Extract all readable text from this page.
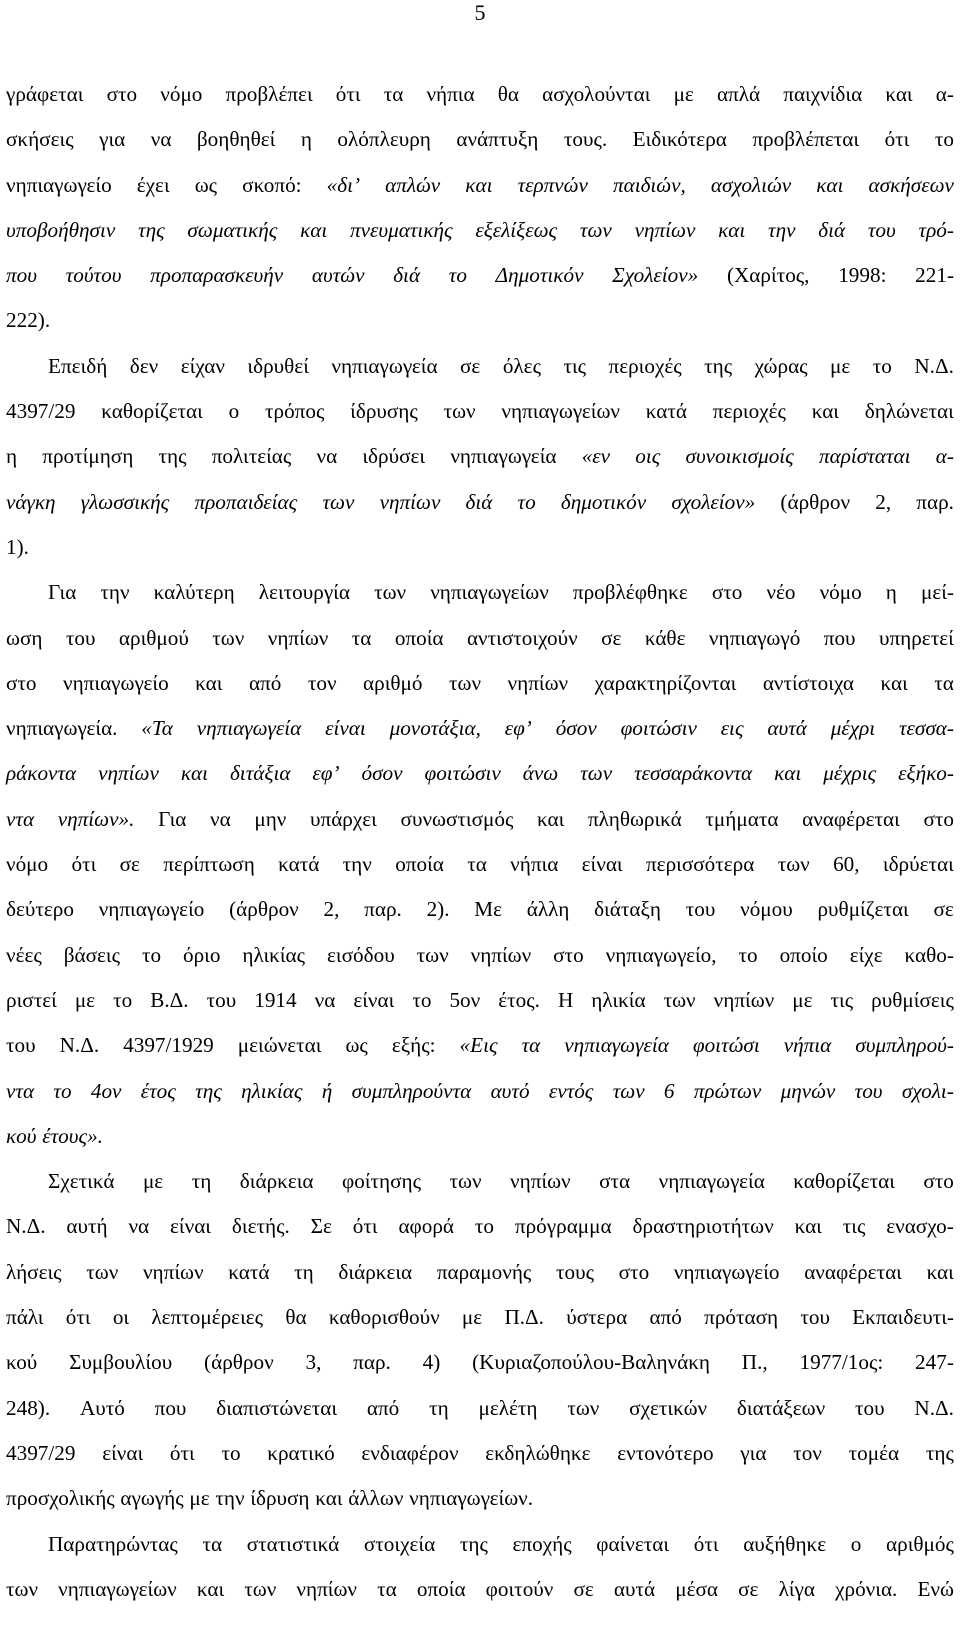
5
γράφεται στο νόμο προβλέπει ότι τα νήπια θα ασχολούνται με απλά παιχνίδια και α-
σκήσεις για να βοηθηθεί η ολόπλευρη ανάπτυξη τους. Ειδικότερα προβλέπεται ότι το
νηπιαγωγείο έχει ως σκοπό: «δι’ απλών και τερπνών παιδιών, ασχολιών και ασκήσεων
υποβοήθησιν της σωματικής και πνευματικής εξελίξεως των νηπίων και την διά του τρό-
που τούτου προπαρασκευήν αυτών διά το Δημοτικόν Σχολείον» (Χαρίτος, 1998: 221-
222).
Επειδή δεν είχαν ιδρυθεί νηπιαγωγεία σε όλες τις περιοχές της χώρας με το Ν.Δ.
4397/29 καθορίζεται ο τρόπος ίδρυσης των νηπιαγωγείων κατά περιοχές και δηλώνεται
η προτίμηση της πολιτείας να ιδρύσει νηπιαγωγεία «εν οις συνοικισμοίς παρίσταται α-
νάγκη γλωσσικής προπαιδείας των νηπίων διά το δημοτικόν σχολείον» (άρθρον 2, παρ.
1).
Για την καλύτερη λειτουργία των νηπιαγωγείων προβλέφθηκε στο νέο νόμο η μεί-
ωση του αριθμού των νηπίων τα οποία αντιστοιχούν σε κάθε νηπιαγωγό που υπηρετεί
στο νηπιαγωγείο και από τον αριθμό των νηπίων χαρακτηρίζονται αντίστοιχα και τα
νηπιαγωγεία. «Τα νηπιαγωγεία είναι μονοτάξια, εφ’ όσον φοιτώσιν εις αυτά μέχρι τεσσα-
ράκοντα νηπίων και διτάξια εφ’ όσον φοιτώσιν άνω των τεσσαράκοντα και μέχρις εξήκο-
ντα νηπίων». Για να μην υπάρχει συνωστισμός και πληθωρικά τμήματα αναφέρεται στο
νόμο ότι σε περίπτωση κατά την οποία τα νήπια είναι περισσότερα των 60, ιδρύεται
δεύτερο νηπιαγωγείο (άρθρον 2, παρ. 2). Με άλλη διάταξη του νόμου ρυθμίζεται σε
νέες βάσεις το όριο ηλικίας εισόδου των νηπίων στο νηπιαγωγείο, το οποίο είχε καθο-
ριστεί με το Β.Δ. του 1914 να είναι το 5ον έτος. Η ηλικία των νηπίων με τις ρυθμίσεις
του Ν.Δ. 4397/1929 μειώνεται ως εξής: «Εις τα νηπιαγωγεία φοιτώσι νήπια συμπληρού-
ντα το 4ον έτος της ηλικίας ή συμπληρούντα αυτό εντός των 6 πρώτων μηνών του σχολι-
κού έτους».
Σχετικά με τη διάρκεια φοίτησης των νηπίων στα νηπιαγωγεία καθορίζεται στο
Ν.Δ. αυτή να είναι διετής. Σε ότι αφορά το πρόγραμμα δραστηριοτήτων και τις ενασχο-
λήσεις των νηπίων κατά τη διάρκεια παραμονής τους στο νηπιαγωγείο αναφέρεται και
πάλι ότι οι λεπτομέρειες θα καθορισθούν με Π.Δ. ύστερα από πρόταση του Εκπαιδευτι-
κού Συμβουλίου (άρθρον 3, παρ. 4) (Κυριαζοπούλου-Βαληνάκη Π., 1977/1ος: 247-
248). Αυτό που διαπιστώνεται από τη μελέτη των σχετικών διατάξεων του Ν.Δ.
4397/29 είναι ότι το κρατικό ενδιαφέρον εκδηλώθηκε εντονότερο για τον τομέα της
προσχολικής αγωγής με την ίδρυση και άλλων νηπιαγωγείων.
Παρατηρώντας τα στατιστικά στοιχεία της εποχής φαίνεται ότι αυξήθηκε ο αριθμός
των νηπιαγωγείων και των νηπίων τα οποία φοιτούν σε αυτά μέσα σε λίγα χρόνια. Ενώ
